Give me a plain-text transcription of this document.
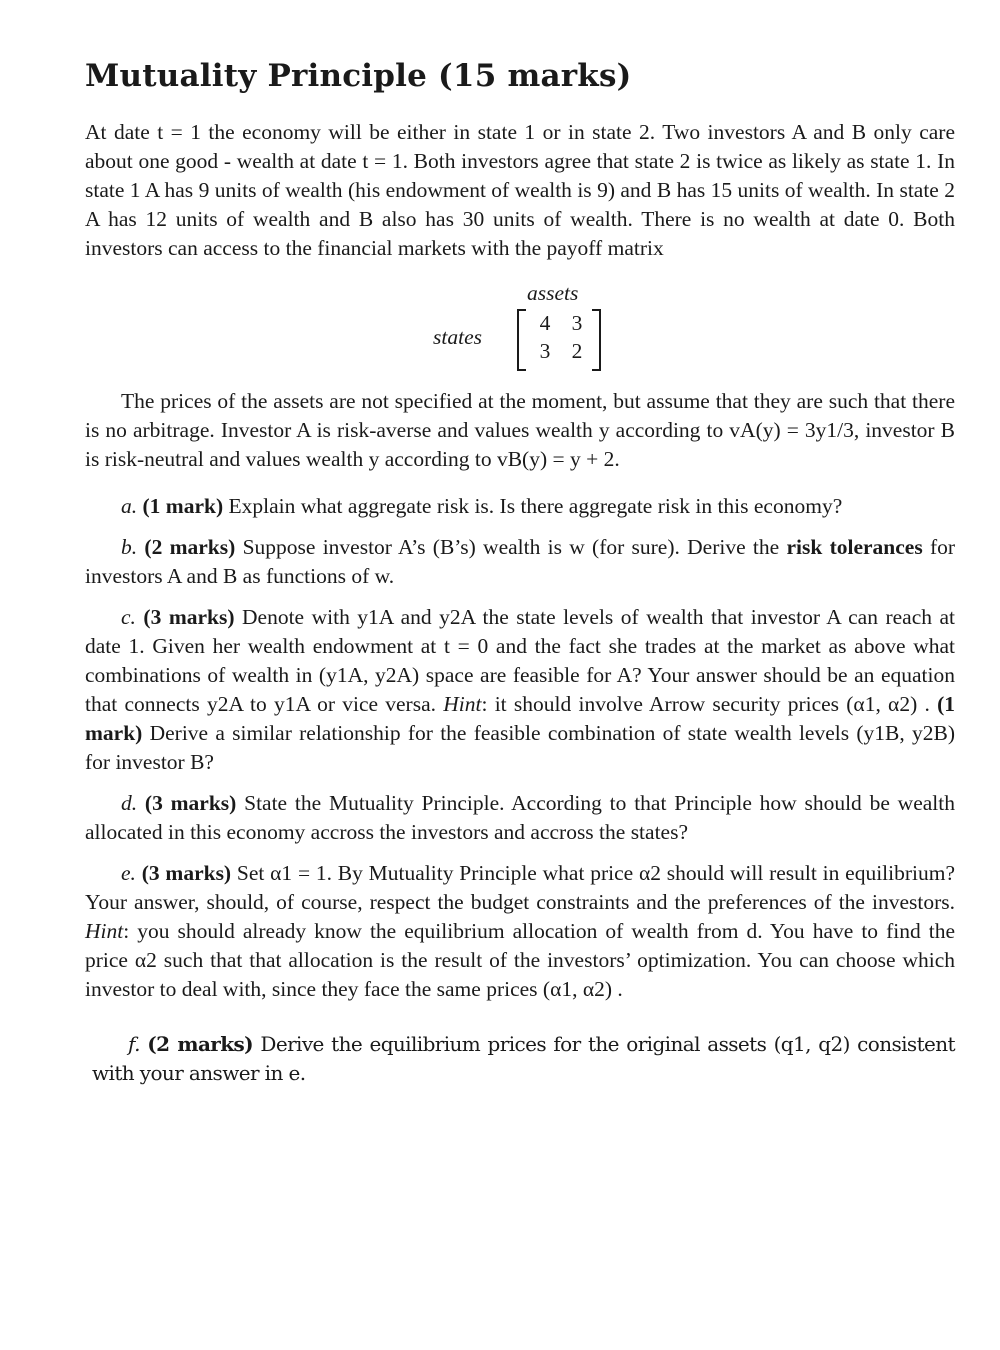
Mutuality Principle (15 marks)

At date t = 1 the economy will be either in state 1 or in state 2. Two investors A and B only care about one good - wealth at date t = 1. Both investors agree that state 2 is twice as likely as state 1. In state 1 A has 9 units of wealth (his endowment of wealth is 9) and B has 15 units of wealth. In state 2 A has 12 units of wealth and B also has 30 units of wealth. There is no wealth at date 0. Both investors can access to the financial markets with the payoff matrix

assets
states
4 3
3 2

The prices of the assets are not specified at the moment, but assume that they are such that there is no arbitrage. Investor A is risk-averse and values wealth y according to vA(y) = 3y1/3, investor B is risk-neutral and values wealth y according to vB(y) = y + 2.

a. (1 mark) Explain what aggregate risk is. Is there aggregate risk in this economy?

b. (2 marks) Suppose investor A’s (B’s) wealth is w (for sure). Derive the risk tolerances for investors A and B as functions of w.

c. (3 marks) Denote with y1A and y2A the state levels of wealth that investor A can reach at date 1. Given her wealth endowment at t = 0 and the fact she trades at the market as above what combinations of wealth in (y1A, y2A) space are feasible for A? Your answer should be an equation that connects y2A to y1A or vice versa. Hint: it should involve Arrow security prices (α1, α2) . (1 mark) Derive a similar relationship for the feasible combination of state wealth levels (y1B, y2B) for investor B?

d. (3 marks) State the Mutuality Principle. According to that Principle how should be wealth allocated in this economy accross the investors and accross the states?

e. (3 marks) Set α1 = 1. By Mutuality Principle what price α2 should will result in equilibrium? Your answer, should, of course, respect the budget constraints and the preferences of the investors. Hint: you should already know the equilibrium allocation of wealth from d. You have to find the price α2 such that that allocation is the result of the investors’ optimization. You can choose which investor to deal with, since they face the same prices (α1, α2) .

f. (2 marks) Derive the equilibrium prices for the original assets (q1, q2) consistent with your answer in e.
